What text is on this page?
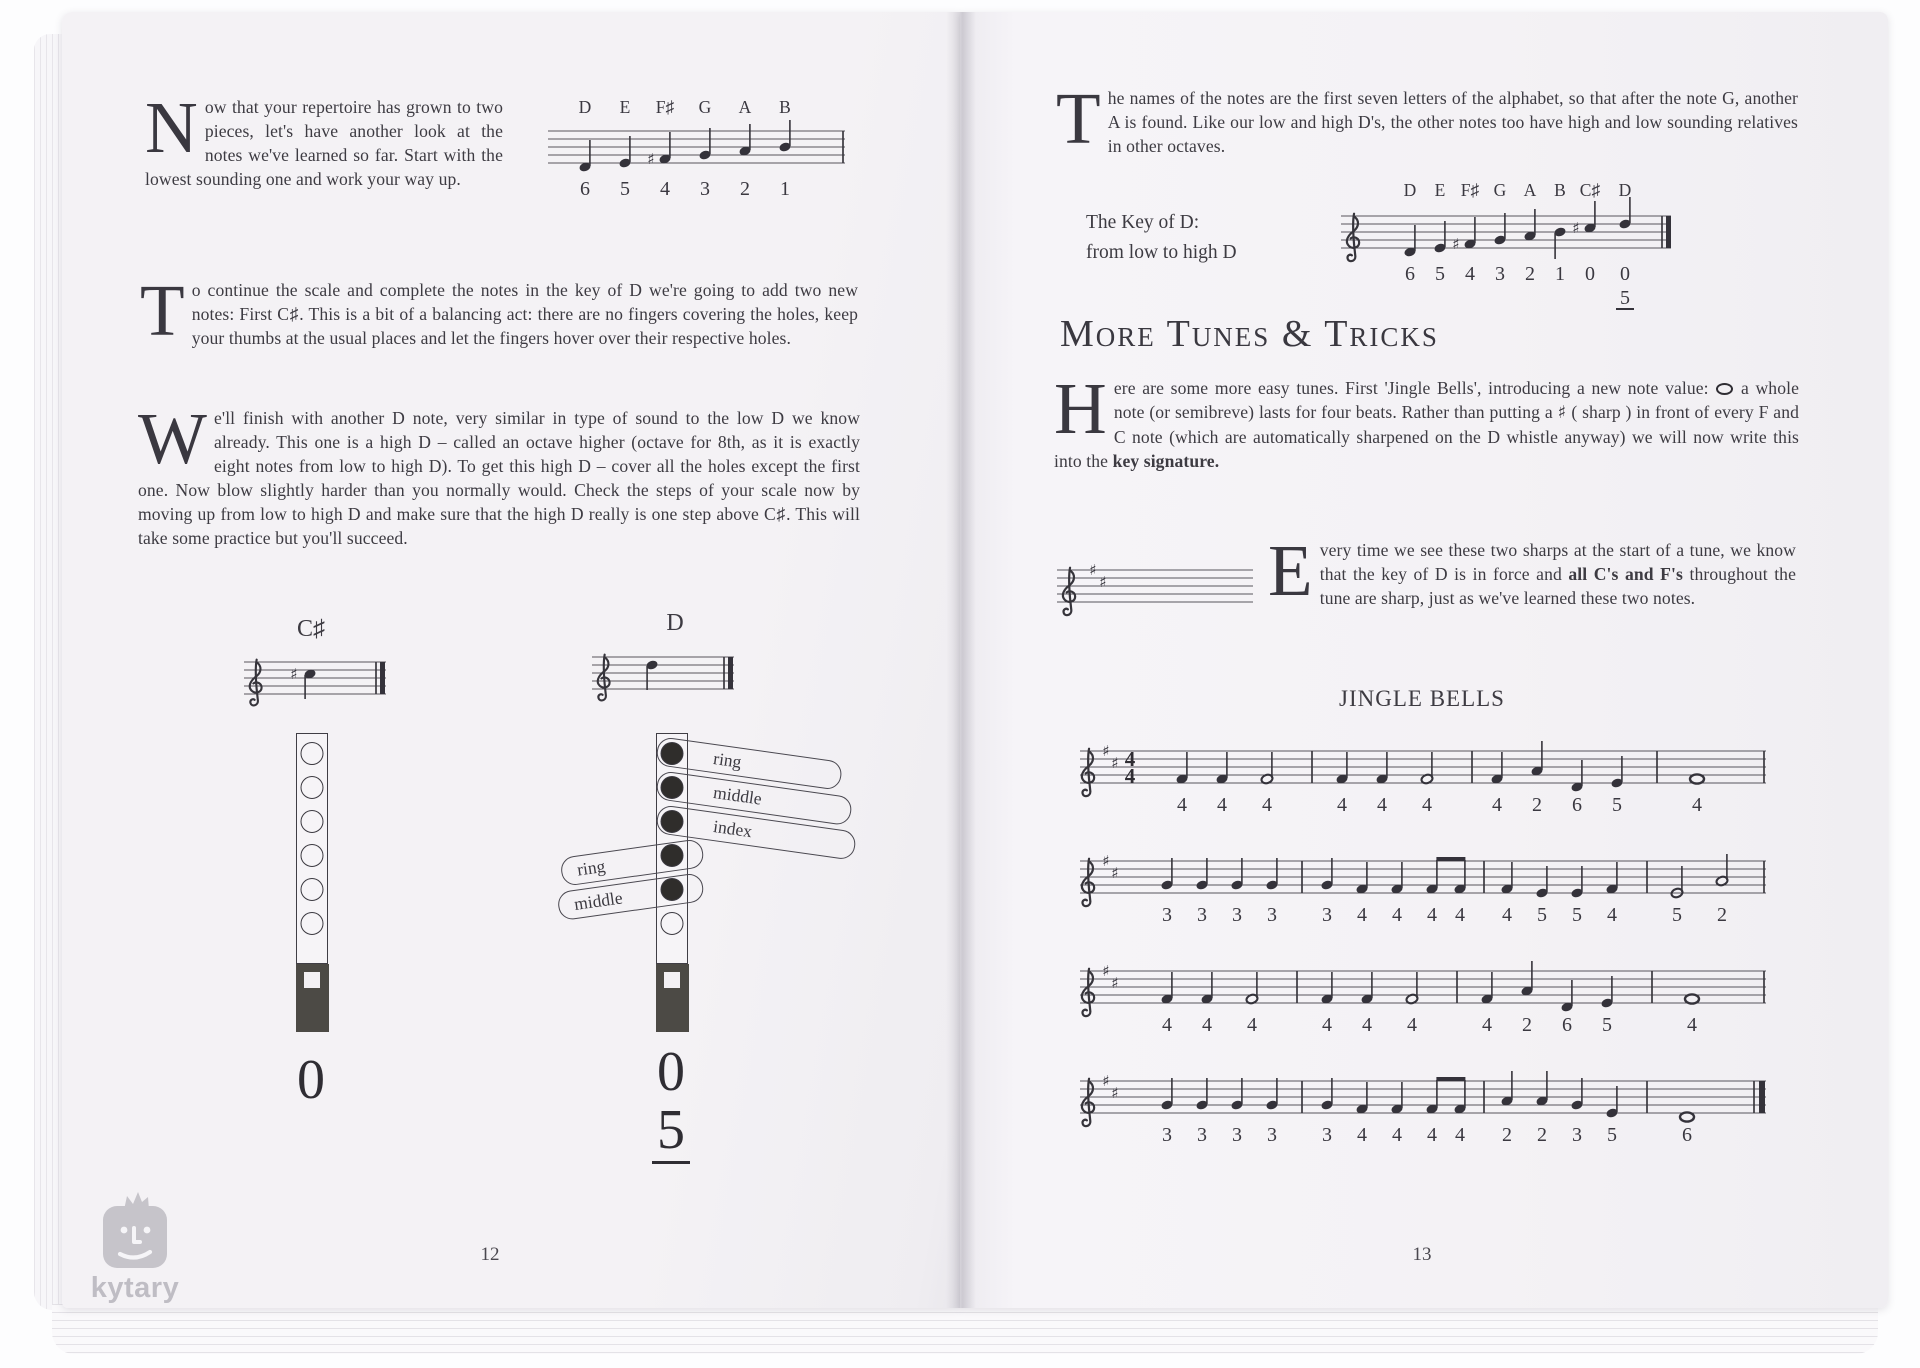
Now that your repertoire has grown to two pieces, let's have another look at the notes we've learned so far. Start with the lowest sounding one and work your way up.
D E F♯ G A B
♯
6 5 4 3 2 1
To continue the scale and complete the notes in the key of D we're going to add two new notes: First C♯. This is a bit of a balancing act: there are no fingers covering the holes, keep your thumbs at the usual places and let the fingers hover over their respective holes.
We'll finish with another D note, very similar in type of sound to the low D we know already. This one is a high D – called an octave higher (octave for 8th, as it is exactly eight notes from low to high D). To get this high D – cover all the holes except the first one. Now blow slightly harder than you normally would. Check the steps of your scale now by moving up from low to high D and make sure that the high D really is one step above C♯. This will take some practice but you'll succeed.
C♯	D
♯
ring
middle
index
ring
middle
0	0
5
12
kytary
The names of the notes are the first seven letters of the alphabet, so that after the note G, another A is found. Like our low and high D's, the other notes too have high and low sounding relatives in other octaves.
The Key of D:
from low to high D
D E F♯ G A B C♯ D
♯
♯
6 5 4 3 2 1 0 0
5
More Tunes & Tricks
Here are some more easy tunes. First 'Jingle Bells', introducing a new note value:  a whole note (or semibreve) lasts for four beats. Rather than putting a ♯ ( sharp ) in front of every F and C note (which are automatically sharpened on the D whistle anyway) we will now write this into the key signature.
♯
♯ Every time we see these two sharps at the start of a tune, we know that the key of D is in force and all C's and F's throughout the tune are sharp, just as we've learned these two notes.
JINGLE BELLS
♯
♯ 4
4
4 4 4	4 4 4	4 2 6 5	4
♯
♯
3 3 3 3 3 4 4 4 4 4 5 5 4	5 2
♯
♯
4 4 4	4 4 4	4 2 6 5	4
♯
♯
3 3 3 3 3 4 4 4 4 2 2 3 5	6
13
